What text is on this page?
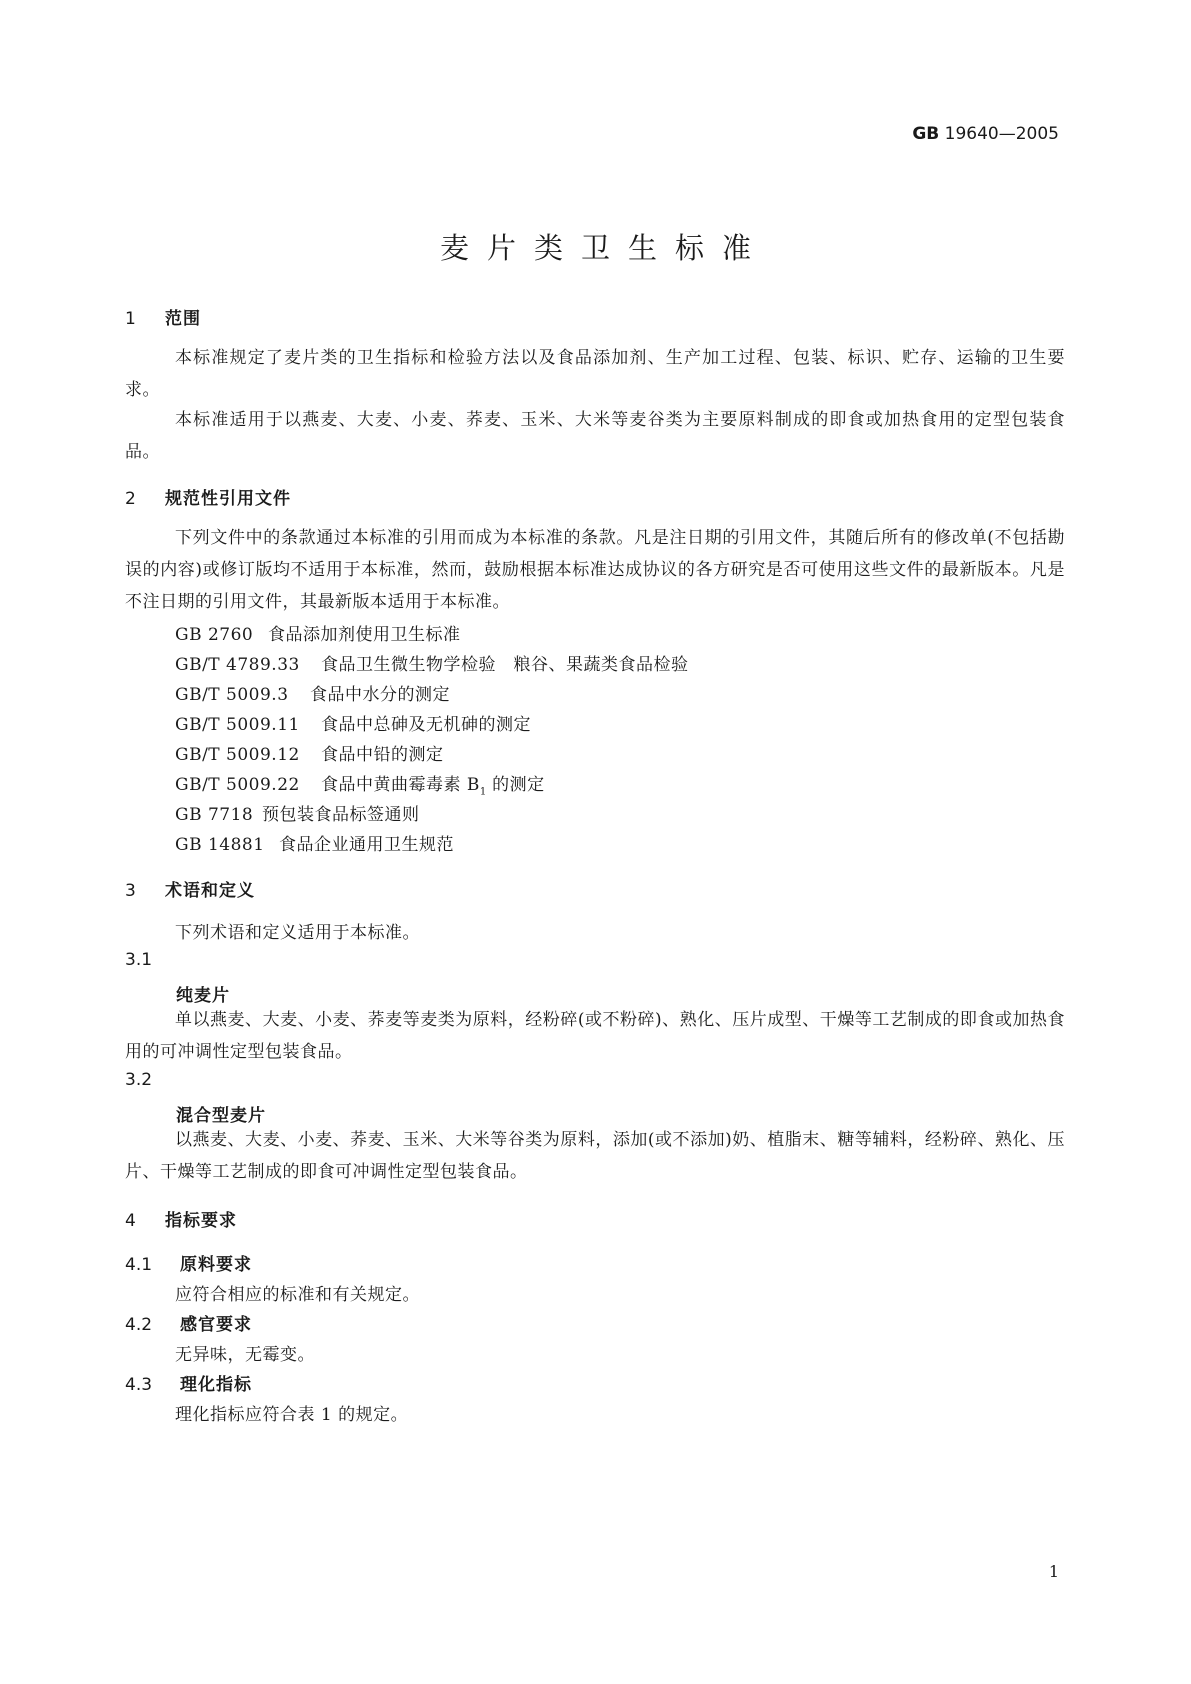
GB 19640—2005
麦片类卫生标准
1 范围
本标准规定了麦片类的卫生指标和检验方法以及食品添加剂、生产加工过程、包装、标识、贮存、运输的卫生要求。
本标准适用于以燕麦、大麦、小麦、荞麦、玉米、大米等麦谷类为主要原料制成的即食或加热食用的定型包装食品。
2 规范性引用文件
下列文件中的条款通过本标准的引用而成为本标准的条款。凡是注日期的引用文件，其随后所有的修改单(不包括勘误的内容)或修订版均不适用于本标准，然而，鼓励根据本标准达成协议的各方研究是否可使用这些文件的最新版本。凡是不注日期的引用文件，其最新版本适用于本标准。
GB 2760 食品添加剂使用卫生标准
GB/T 4789.33 食品卫生微生物学检验　粮谷、果蔬类食品检验
GB/T 5009.3 食品中水分的测定
GB/T 5009.11 食品中总砷及无机砷的测定
GB/T 5009.12 食品中铅的测定
GB/T 5009.22 食品中黄曲霉毒素 $B_1$ 的测定
GB 7718 预包装食品标签通则
GB 14881 食品企业通用卫生规范
3 术语和定义
下列术语和定义适用于本标准。
3.1
纯麦片
单以燕麦、大麦、小麦、荞麦等麦类为原料，经粉碎(或不粉碎)、熟化、压片成型、干燥等工艺制成的即食或加热食用的可冲调性定型包装食品。
3.2
混合型麦片
以燕麦、大麦、小麦、荞麦、玉米、大米等谷类为原料，添加(或不添加)奶、植脂末、糖等辅料，经粉碎、熟化、压片、干燥等工艺制成的即食可冲调性定型包装食品。
4 指标要求
4.1 原料要求
应符合相应的标准和有关规定。
4.2 感官要求
无异味，无霉变。
4.3 理化指标
理化指标应符合表 1 的规定。
1
